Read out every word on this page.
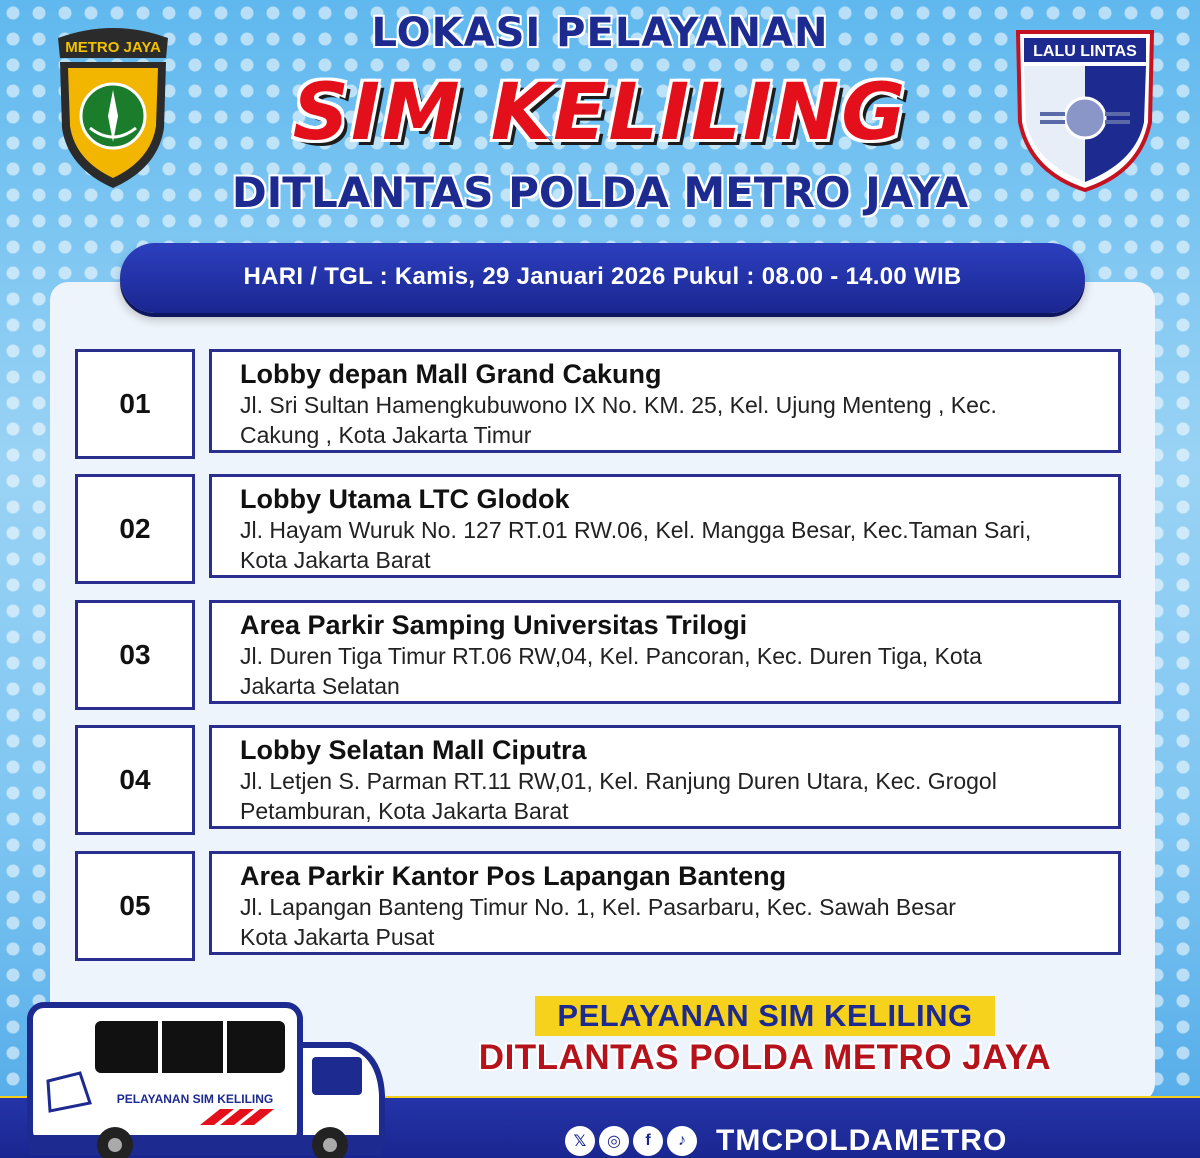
METRO JAYA	LOKASI PELAYANAN
SIM KELILING
DITLANTAS POLDA METRO JAYA
LALU LINTAS
HARI / TGL : Kamis, 29 Januari 2026 Pukul : 08.00 - 14.00 WIB
01
Lobby depan Mall Grand Cakung
Jl. Sri Sultan Hamengkubuwono IX No. KM. 25, Kel. Ujung Menteng , Kec.
Cakung , Kota Jakarta Timur
02
Lobby Utama LTC Glodok
Jl. Hayam Wuruk No. 127 RT.01 RW.06, Kel. Mangga Besar, Kec.Taman Sari,
Kota Jakarta Barat
03
Area Parkir Samping Universitas Trilogi
Jl. Duren Tiga Timur RT.06 RW,04, Kel. Pancoran, Kec. Duren Tiga, Kota
Jakarta Selatan
04
Lobby Selatan Mall Ciputra
Jl. Letjen S. Parman RT.11 RW,01, Kel. Ranjung Duren Utara, Kec. Grogol
Petamburan, Kota Jakarta Barat
05
Area Parkir Kantor Pos Lapangan Banteng
Jl. Lapangan Banteng Timur No. 1, Kel. Pasarbaru, Kec. Sawah Besar
Kota Jakarta Pusat
PELAYANAN SIM KELILING
DITLANTAS POLDA METRO JAYA
PELAYANAN SIM KELILING
𝕏	◎	f	♪	TMCPOLDAMETRO
